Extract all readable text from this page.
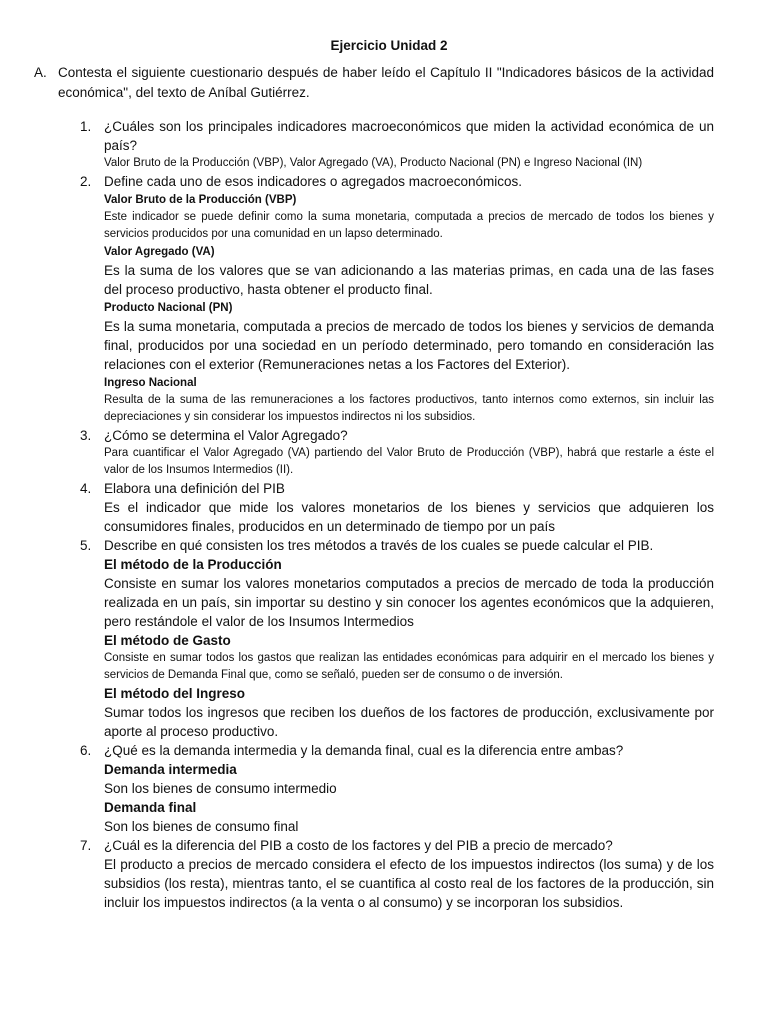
Ejercicio Unidad 2
A. Contesta el siguiente cuestionario después de haber leído el Capítulo II "Indicadores básicos de la actividad económica", del texto de Aníbal Gutiérrez.
1. ¿Cuáles son los principales indicadores macroeconómicos que miden la actividad económica de un país?

Valor Bruto de la Producción (VBP), Valor Agregado (VA), Producto Nacional (PN) e Ingreso Nacional (IN)

2. Define cada uno de esos indicadores o agregados macroeconómicos.

Valor Bruto de la Producción (VBP)

Este indicador se puede definir como la suma monetaria, computada a precios de mercado de todos los bienes y servicios producidos por una comunidad en un lapso determinado.

Valor Agregado (VA)

Es la suma de los valores que se van adicionando a las materias primas, en cada una de las fases del proceso productivo, hasta obtener el producto final.

Producto Nacional (PN)

Es la suma monetaria, computada a precios de mercado de todos los bienes y servicios de demanda final, producidos por una sociedad en un período determinado, pero tomando en consideración las relaciones con el exterior (Remuneraciones netas a los Factores del Exterior).

Ingreso Nacional

Resulta de la suma de las remuneraciones a los factores productivos, tanto internos como externos, sin incluir las depreciaciones y sin considerar los impuestos indirectos ni los subsidios.

3. ¿Cómo se determina el Valor Agregado?

Para cuantificar el Valor Agregado (VA) partiendo del Valor Bruto de Producción (VBP), habrá que restarle a éste el valor de los Insumos Intermedios (II).

4. Elabora una definición del PIB

Es el indicador que mide los valores monetarios de los bienes y servicios que adquieren los consumidores finales, producidos en un determinado de tiempo por un país

5. Describe en qué consisten los tres métodos a través de los cuales se puede calcular el PIB.

El método de la Producción

Consiste en sumar los valores monetarios computados a precios de mercado de toda la producción realizada en un país, sin importar su destino y sin conocer los agentes económicos que la adquieren, pero restándole el valor de los Insumos Intermedios

El método de Gasto

Consiste en sumar todos los gastos que realizan las entidades económicas para adquirir en el mercado los bienes y servicios de Demanda Final que, como se señaló, pueden ser de consumo o de inversión.

El método del Ingreso

Sumar todos los ingresos que reciben los dueños de los factores de producción, exclusivamente por aporte al proceso productivo.

6. ¿Qué es la demanda intermedia y la demanda final, cual es la diferencia entre ambas?

Demanda intermedia

Son los bienes de consumo intermedio

Demanda final

Son los bienes de consumo final

7. ¿Cuál es la diferencia del PIB a costo de los factores y del PIB a precio de mercado?

El producto a precios de mercado considera el efecto de los impuestos indirectos (los suma) y de los subsidios (los resta), mientras tanto, el se cuantifica al costo real de los factores de la producción, sin incluir los impuestos indirectos (a la venta o al consumo) y se incorporan los subsidios.
